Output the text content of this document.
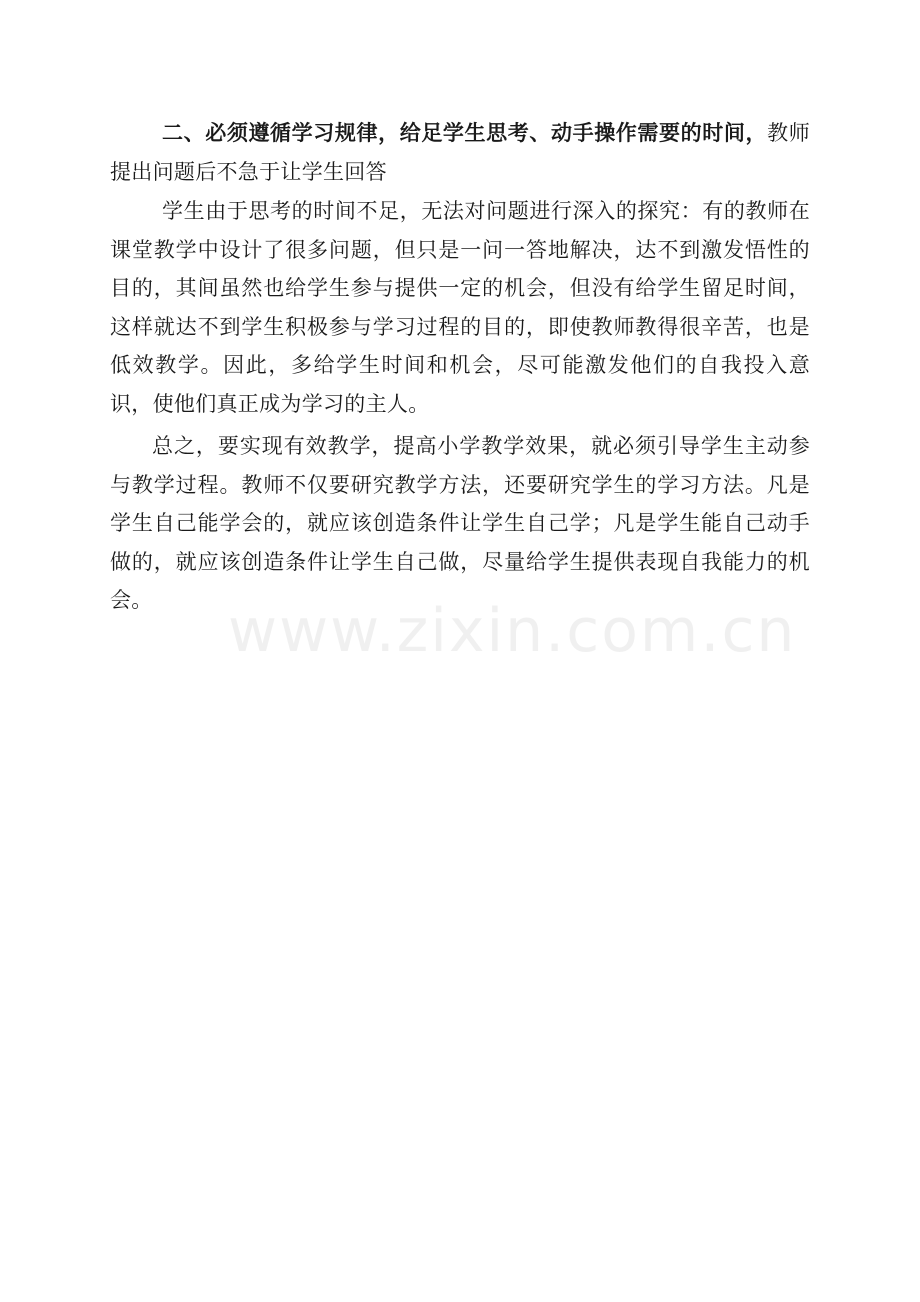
二、必须遵循学习规律，给足学生思考、动手操作需要的时间，教师提出问题后不急于让学生回答

学生由于思考的时间不足，无法对问题进行深入的探究：有的教师在课堂教学中设计了很多问题，但只是一问一答地解决，达不到激发悟性的目的，其间虽然也给学生参与提供一定的机会，但没有给学生留足时间，这样就达不到学生积极参与学习过程的目的，即使教师教得很辛苦，也是低效教学。因此，多给学生时间和机会，尽可能激发他们的自我投入意识，使他们真正成为学习的主人。

总之，要实现有效教学，提高小学教学效果，就必须引导学生主动参与教学过程。教师不仅要研究教学方法，还要研究学生的学习方法。凡是学生自己能学会的，就应该创造条件让学生自己学；凡是学生能自己动手做的，就应该创造条件让学生自己做，尽量给学生提供表现自我能力的机会。	www.zixin.com.cn
